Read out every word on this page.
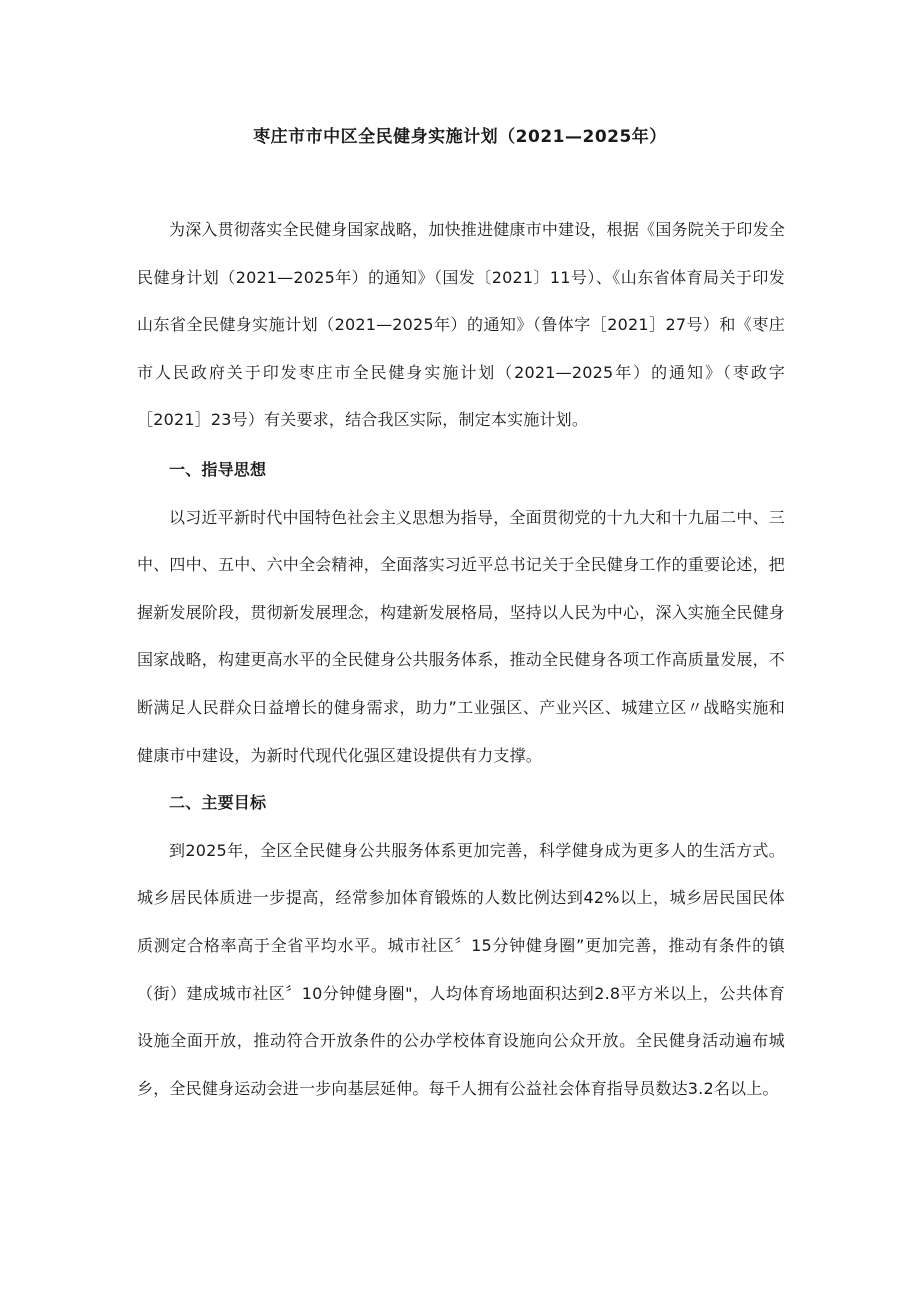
枣庄市市中区全民健身实施计划（2021—2025年）

为深入贯彻落实全民健身国家战略，加快推进健康市中建设，根据《国务院关于印发全民健身计划（2021—2025年）的通知》（国发〔2021〕11号）、《山东省体育局关于印发山东省全民健身实施计划（2021—2025年）的通知》（鲁体字［2021］27号）和《枣庄市人民政府关于印发枣庄市全民健身实施计划（2021—2025年）的通知》（枣政字［2021］23号）有关要求，结合我区实际，制定本实施计划。

一、指导思想

以习近平新时代中国特色社会主义思想为指导，全面贯彻党的十九大和十九届二中、三中、四中、五中、六中全会精神，全面落实习近平总书记关于全民健身工作的重要论述，把握新发展阶段，贯彻新发展理念，构建新发展格局，坚持以人民为中心，深入实施全民健身国家战略，构建更高水平的全民健身公共服务体系，推动全民健身各项工作高质量发展，不断满足人民群众日益增长的健身需求，助力”工业强区、产业兴区、城建立区〃战略实施和健康市中建设，为新时代现代化强区建设提供有力支撑。

二、主要目标

到2025年，全区全民健身公共服务体系更加完善，科学健身成为更多人的生活方式。城乡居民体质进一步提高，经常参加体育锻炼的人数比例达到42%以上，城乡居民国民体质测定合格率高于全省平均水平。城市社区〞15分钟健身圈”更加完善，推动有条件的镇（街）建成城市社区〞10分钟健身圈"，人均体育场地面积达到2.8平方米以上，公共体育设施全面开放，推动符合开放条件的公办学校体育设施向公众开放。全民健身活动遍布城乡，全民健身运动会进一步向基层延伸。每千人拥有公益社会体育指导员数达3.2名以上。
